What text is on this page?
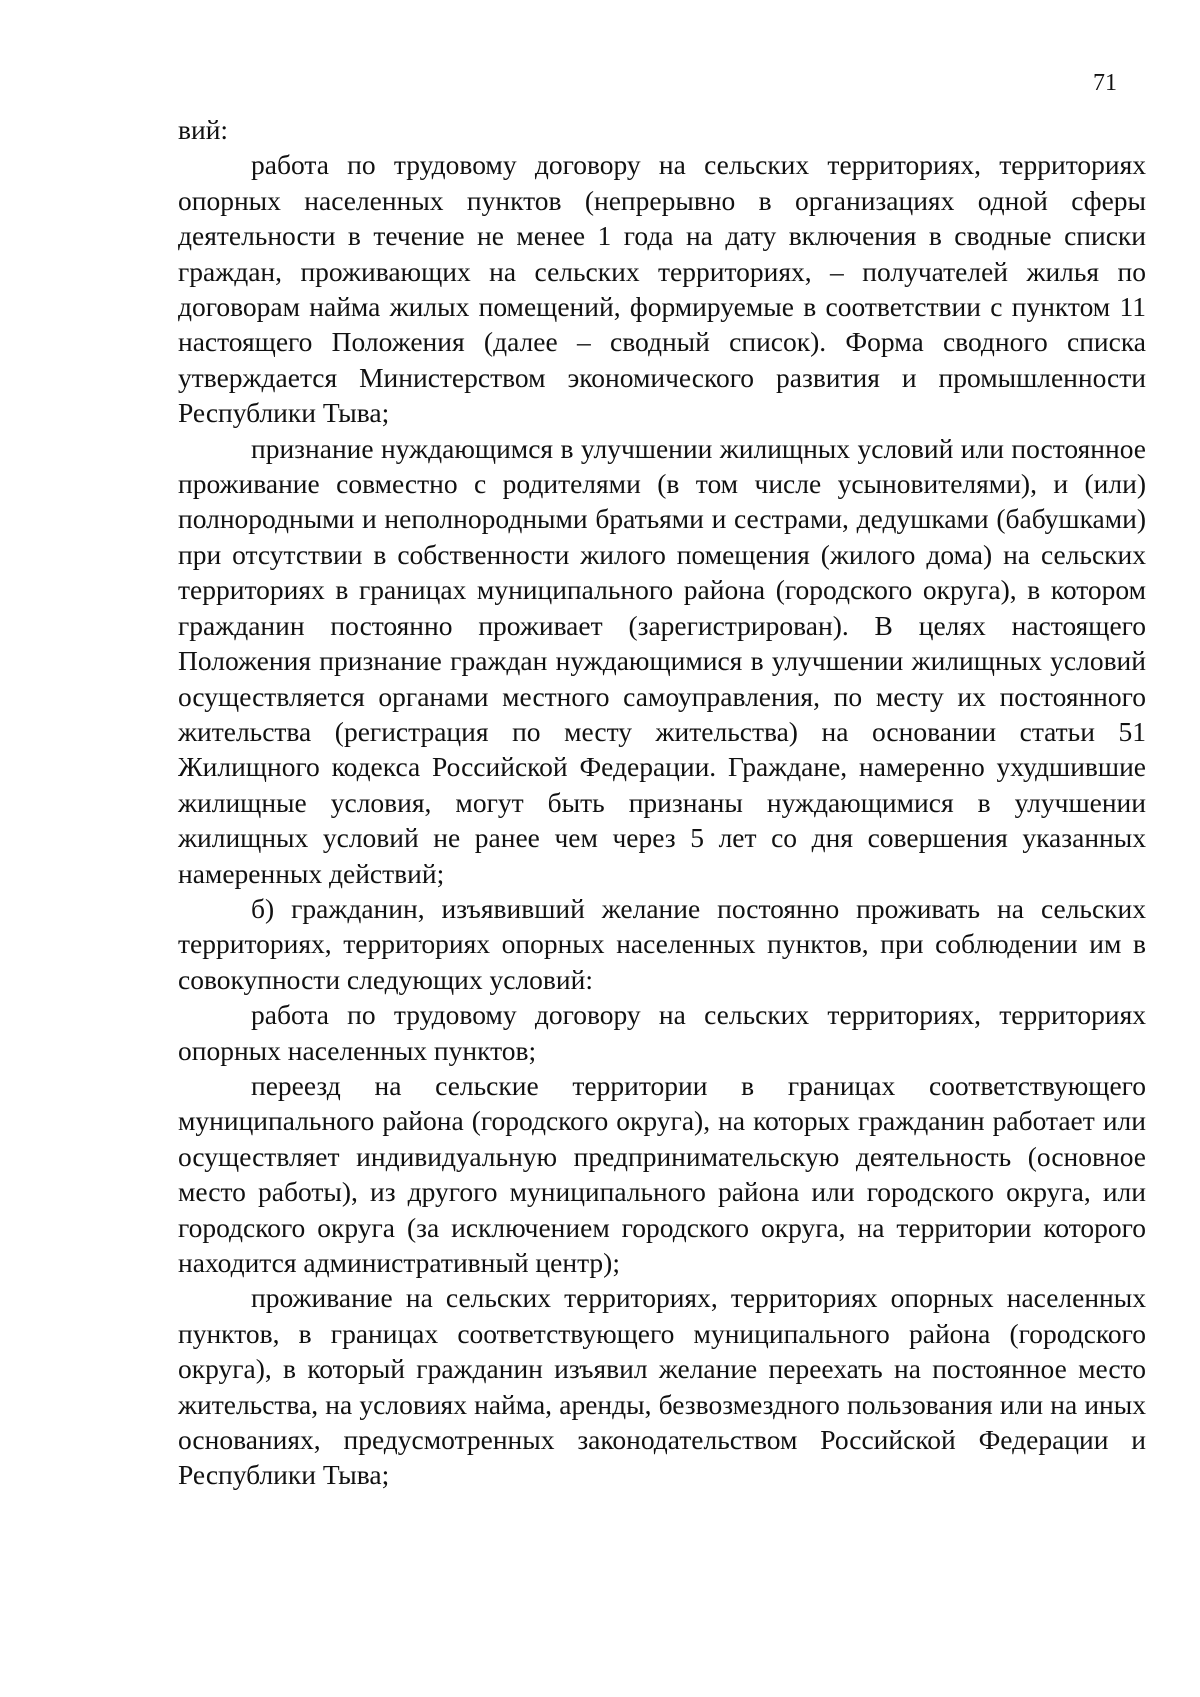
71

вий:

работа по трудовому договору на сельских территориях, территориях опорных населенных пунктов (непрерывно в организациях одной сферы деятельности в течение не менее 1 года на дату включения в сводные списки граждан, проживающих на сельских территориях, – получателей жилья по договорам найма жилых помещений, формируемые в соответствии с пунктом 11 настоящего Положения (далее – сводный список). Форма сводного списка утверждается Министерством экономического развития и промышленности Республики Тыва;

признание нуждающимся в улучшении жилищных условий или постоянное проживание совместно с родителями (в том числе усыновителями), и (или) полнородными и неполнородными братьями и сестрами, дедушками (бабушками) при отсутствии в собственности жилого помещения (жилого дома) на сельских территориях в границах муниципального района (городского округа), в котором гражданин постоянно проживает (зарегистрирован). В целях настоящего Положения признание граждан нуждающимися в улучшении жилищных условий осуществляется органами местного самоуправления, по месту их постоянного жительства (регистрация по месту жительства) на основании статьи 51 Жилищного кодекса Российской Федерации. Граждане, намеренно ухудшившие жилищные условия, могут быть признаны нуждающимися в улучшении жилищных условий не ранее чем через 5 лет со дня совершения указанных намеренных действий;

б) гражданин, изъявивший желание постоянно проживать на сельских территориях, территориях опорных населенных пунктов, при соблюдении им в совокупности следующих условий:

работа по трудовому договору на сельских территориях, территориях опорных населенных пунктов;

переезд на сельские территории в границах соответствующего муниципального района (городского округа), на которых гражданин работает или осуществляет индивидуальную предпринимательскую деятельность (основное место работы), из другого муниципального района или городского округа, или городского округа (за исключением городского округа, на территории которого находится административный центр);

проживание на сельских территориях, территориях опорных населенных пунктов, в границах соответствующего муниципального района (городского округа), в который гражданин изъявил желание переехать на постоянное место жительства, на условиях найма, аренды, безвозмездного пользования или на иных основаниях, предусмотренных законодательством Российской Федерации и Республики Тыва;
